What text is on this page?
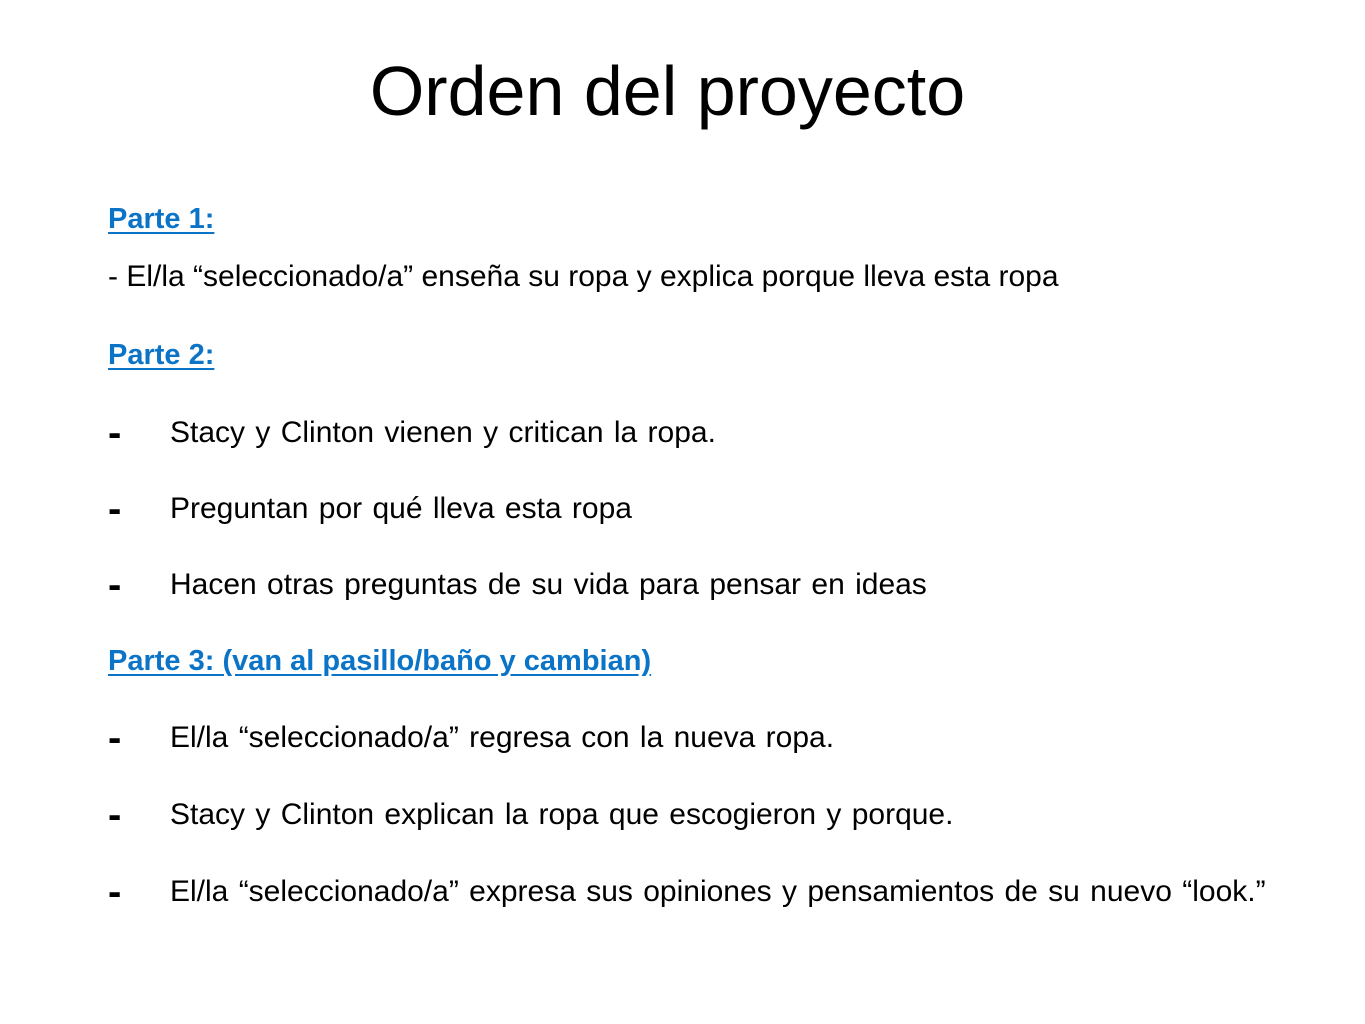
Orden del proyecto
Parte 1:

- El/la “seleccionado/a” enseña su ropa y explica porque lleva esta ropa

Parte 2:
- Stacy y Clinton vienen y critican la ropa.
- Preguntan por qué lleva esta ropa
- Hacen otras preguntas de su vida para pensar en ideas
Parte 3: (van al pasillo/baño y cambian)
- El/la “seleccionado/a” regresa con la nueva ropa.
- Stacy y Clinton explican la ropa que escogieron y porque.
- El/la “seleccionado/a” expresa sus opiniones y pensamientos de su nuevo “look.”
